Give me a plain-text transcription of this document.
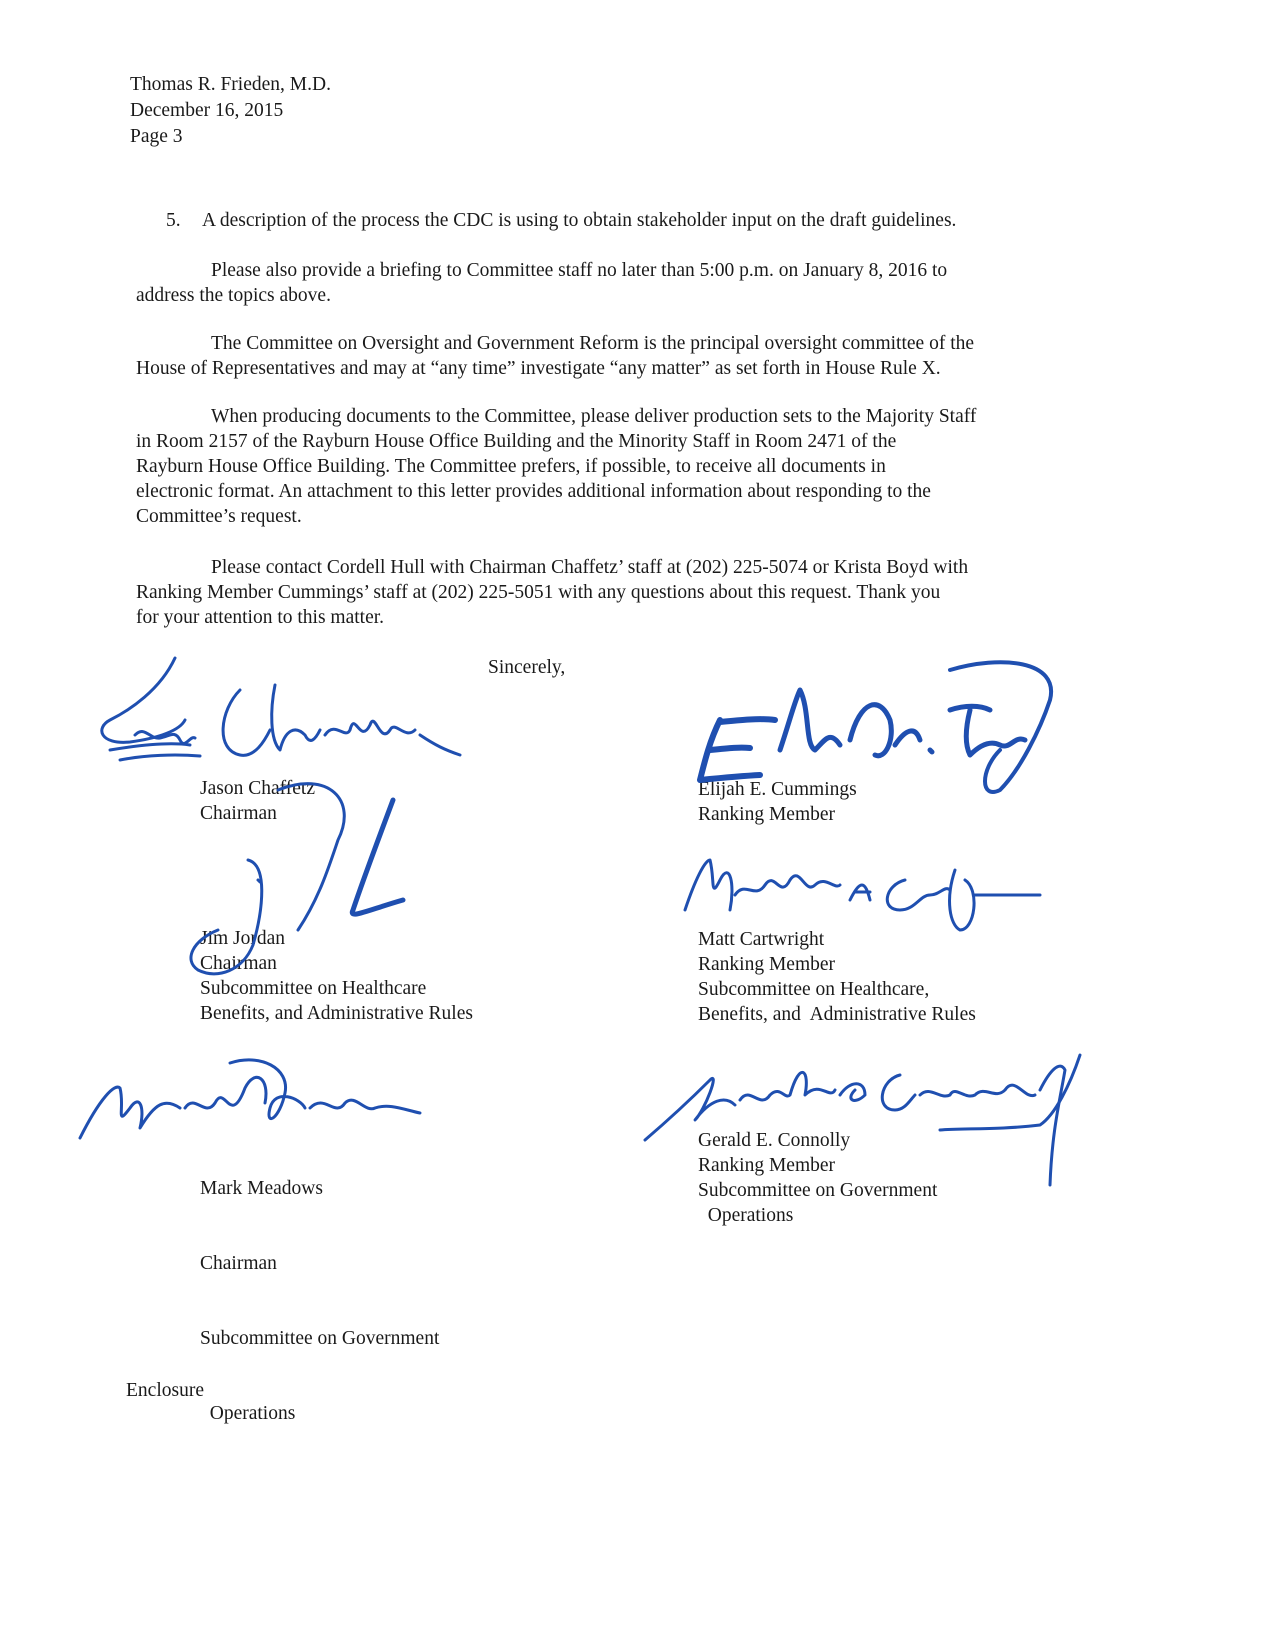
Thomas R. Frieden, M.D.
December 16, 2015
Page 3
5. A description of the process the CDC is using to obtain stakeholder input on the draft guidelines.
Please also provide a briefing to Committee staff no later than 5:00 p.m. on January 8, 2016 to
address the topics above.
The Committee on Oversight and Government Reform is the principal oversight committee of the
House of Representatives and may at “any time” investigate “any matter” as set forth in House Rule X.
When producing documents to the Committee, please deliver production sets to the Majority Staff
in Room 2157 of the Rayburn House Office Building and the Minority Staff in Room 2471 of the
Rayburn House Office Building. The Committee prefers, if possible, to receive all documents in
electronic format. An attachment to this letter provides additional information about responding to the
Committee’s request.
Please contact Cordell Hull with Chairman Chaffetz’ staff at (202) 225-5074 or Krista Boyd with
Ranking Member Cummings’ staff at (202) 225-5051 with any questions about this request. Thank you
for your attention to this matter.
Sincerely,
Jason Chaffetz
Chairman
Jim Jordan
Chairman
Subcommittee on Healthcare
Benefits, and Administrative Rules

Mark Meadows

Chairman

Subcommittee on Government

Operations

Elijah E. Cummings
Ranking Member
Matt Cartwright
Ranking Member
Subcommittee on Healthcare,
Benefits, and  Administrative Rules
Gerald E. Connolly
Ranking Member
Subcommittee on Government
Operations
Enclosure
